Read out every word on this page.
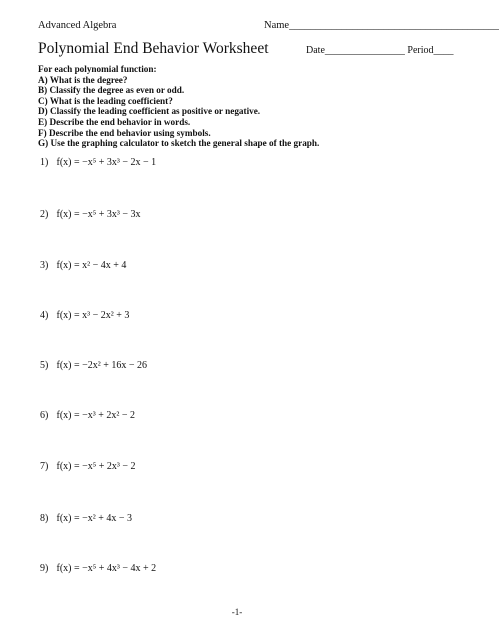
Advanced Algebra	Name________________________________________
Polynomial End Behavior Worksheet	Date________________ Period____
For each polynomial function:
A) What is the degree?
B) Classify the degree as even or odd.
C) What is the leading coefficient?
D) Classify the leading coefficient as positive or negative.
E) Describe the end behavior in words.
F) Describe the end behavior using symbols.
G) Use the graphing calculator to sketch the general shape of the graph.
1) f(x) = −x⁵ + 3x³ − 2x − 1
2) f(x) = −x⁵ + 3x³ − 3x
3) f(x) = x² − 4x + 4
4) f(x) = x³ − 2x² + 3
5) f(x) = −2x² + 16x − 26
6) f(x) = −x³ + 2x² − 2
7) f(x) = −x⁵ + 2x³ − 2
8) f(x) = −x² + 4x − 3
9) f(x) = −x⁵ + 4x³ − 4x + 2
-1-
